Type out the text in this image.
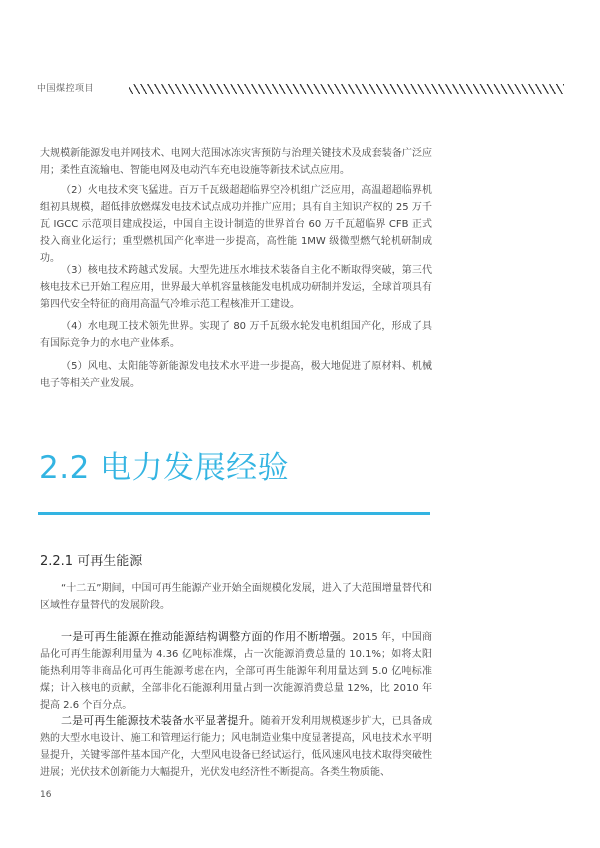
中国煤控项目

大规模新能源发电并网技术、电网大范围冰冻灾害预防与治理关键技术及成套装备广泛应用；柔性直流输电、智能电网及电动汽车充电设施等新技术试点应用。

（2）火电技术突飞猛进。百万千瓦级超超临界空冷机组广泛应用，高温超超临界机组初具规模，超低排放燃煤发电技术试点成功并推广应用；具有自主知识产权的 25 万千瓦 IGCC 示范项目建成投运，中国自主设计制造的世界首台 60 万千瓦超临界 CFB 正式投入商业化运行；重型燃机国产化率进一步提高，高性能 1MW 级微型燃气轮机研制成功。

（3）核电技术跨越式发展。大型先进压水堆技术装备自主化不断取得突破，第三代核电技术已开始工程应用，世界最大单机容量核能发电机成功研制并发运，全球首项具有第四代安全特征的商用高温气冷堆示范工程核准开工建设。

（4）水电现工技术领先世界。实现了 80 万千瓦级水轮发电机组国产化，形成了具有国际竞争力的水电产业体系。

（5）风电、太阳能等新能源发电技术水平进一步提高，极大地促进了原材料、机械电子等相关产业发展。

2.2 电力发展经验
2.2.1 可再生能源

“十二五”期间，中国可再生能源产业开始全面规模化发展，进入了大范围增量替代和区域性存量替代的发展阶段。

一是可再生能源在推动能源结构调整方面的作用不断增强。2015 年，中国商品化可再生能源利用量为 4.36 亿吨标准煤，占一次能源消费总量的 10.1%；如将太阳能热利用等非商品化可再生能源考虑在内，全部可再生能源年利用量达到 5.0 亿吨标准煤；计入核电的贡献，全部非化石能源利用量占到一次能源消费总量 12%，比 2010 年提高 2.6 个百分点。

二是可再生能源技术装备水平显著提升。随着开发利用规模逐步扩大，已具备成熟的大型水电设计、施工和管理运行能力；风电制造业集中度显著提高，风电技术水平明显提升，关键零部件基本国产化，大型风电设备已经试运行，低风速风电技术取得突破性进展；光伏技术创新能力大幅提升，光伏发电经济性不断提高。各类生物质能、

16
